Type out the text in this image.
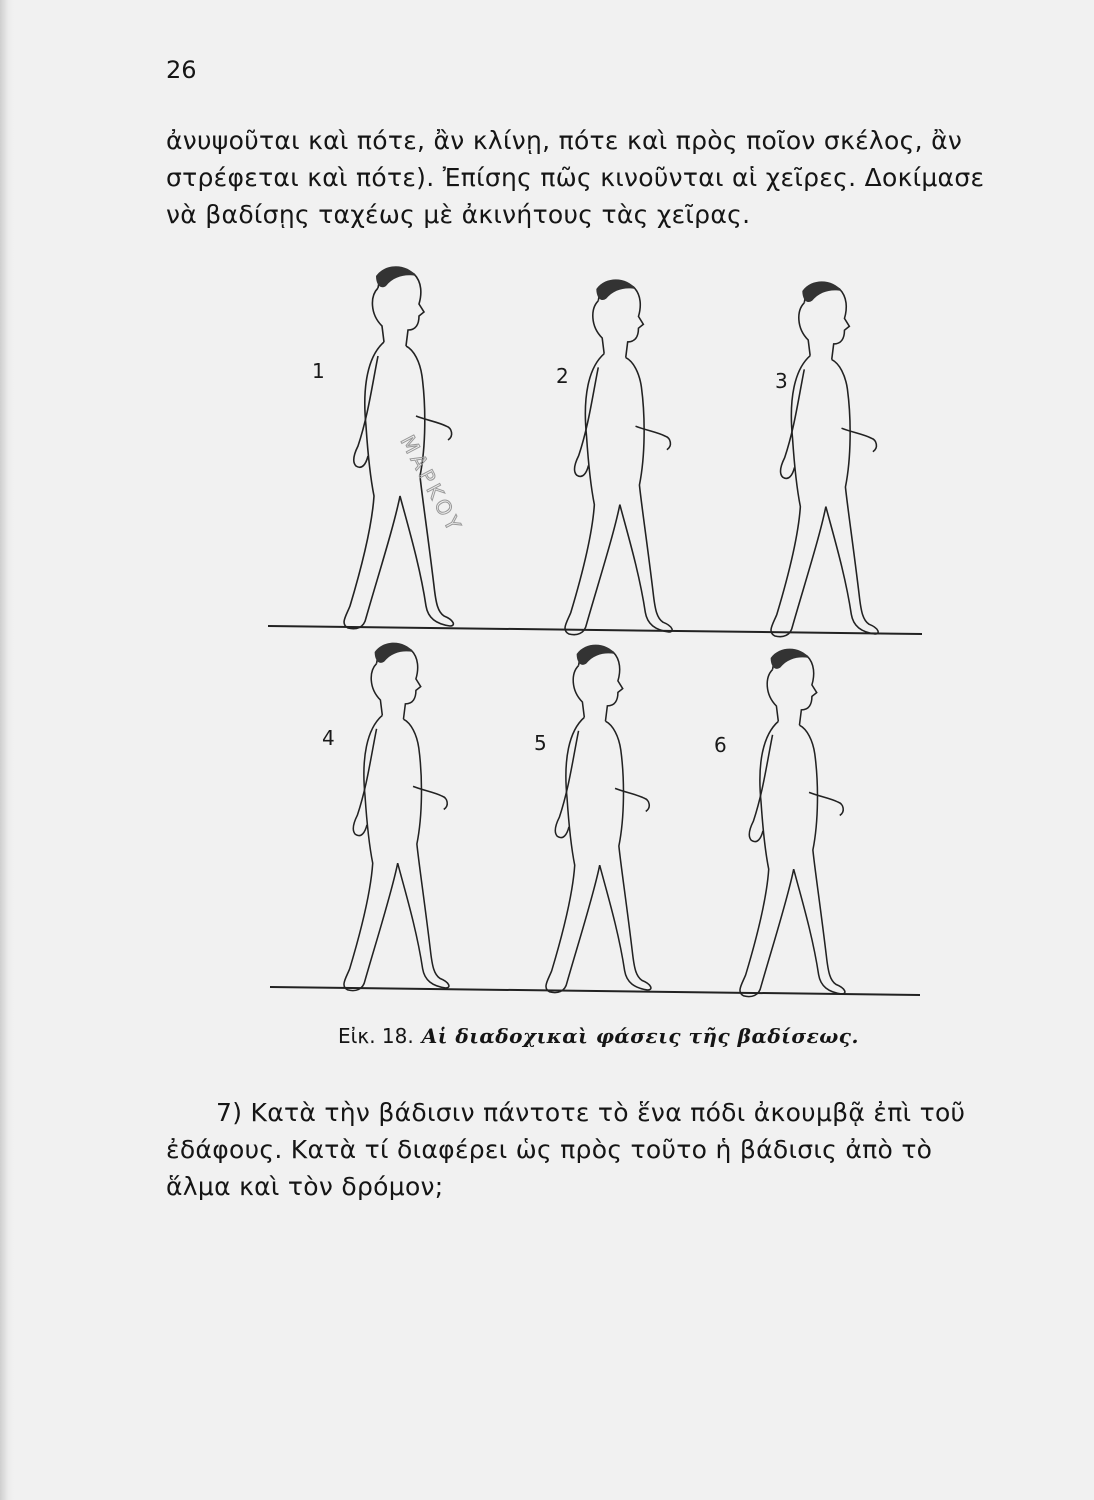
26
ἀνυψοῦται καὶ πότε, ἂν κλίνῃ, πότε καὶ πρὸς ποῖον σκέλος, ἂν
στρέφεται καὶ πότε). Ἐπίσης πῶς κινοῦνται αἱ χεῖρες. Δοκίμασε
νὰ βαδίσῃς ταχέως μὲ ἀκινήτους τὰς χεῖρας.
ΜΑΡΚΟΥ
1	2	3
4	5	6
Εἰκ. 18. Αἱ διαδοχικαὶ φάσεις τῆς βαδίσεως.
7) Κατὰ τὴν βάδισιν πάντοτε τὸ ἕνα πόδι ἀκουμβᾷ ἐπὶ τοῦ
ἐδάφους. Κατὰ τί διαφέρει ὡς πρὸς τοῦτο ἡ βάδισις ἀπὸ τὸ
ἅλμα καὶ τὸν δρόμον;
